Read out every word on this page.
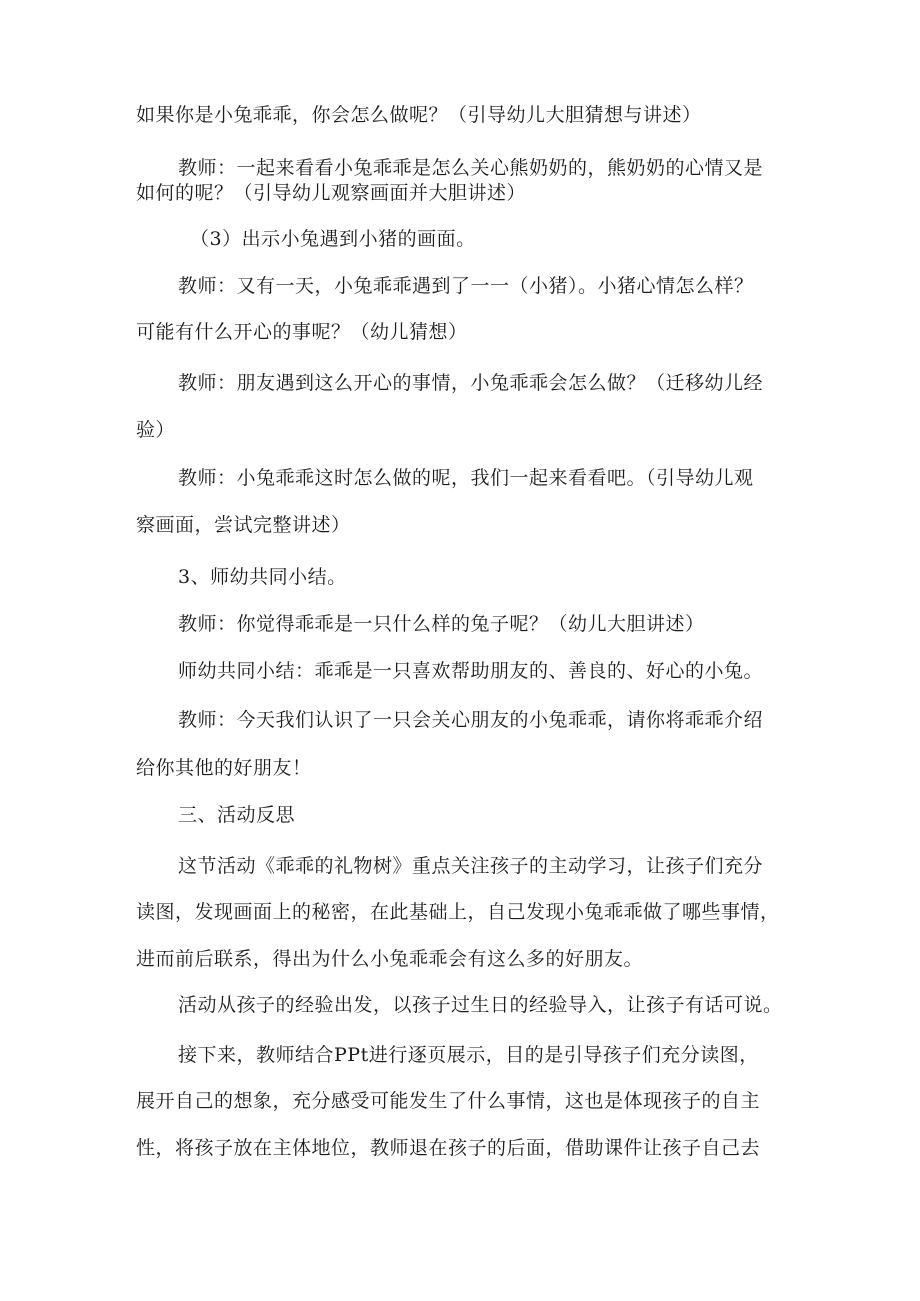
如果你是小兔乖乖，你会怎么做呢？（引导幼儿大胆猜想与讲述）
教师：一起来看看小兔乖乖是怎么关心熊奶奶的，熊奶奶的心情又是
如何的呢？（引导幼儿观察画面并大胆讲述）
（3）出示小兔遇到小猪的画面。
教师：又有一天，小兔乖乖遇到了一一（小猪）。小猪心情怎么样？
可能有什么开心的事呢？（幼儿猜想）
教师：朋友遇到这么开心的事情，小兔乖乖会怎么做？（迁移幼儿经
验）
教师：小兔乖乖这时怎么做的呢，我们一起来看看吧。（引导幼儿观
察画面，尝试完整讲述）
3、师幼共同小结。
教师：你觉得乖乖是一只什么样的兔子呢？（幼儿大胆讲述）
师幼共同小结：乖乖是一只喜欢帮助朋友的、善良的、好心的小兔。
教师：今天我们认识了一只会关心朋友的小兔乖乖，请你将乖乖介绍
给你其他的好朋友！
三、活动反思
这节活动《乖乖的礼物树》重点关注孩子的主动学习，让孩子们充分
读图，发现画面上的秘密，在此基础上，自己发现小兔乖乖做了哪些事情，
进而前后联系，得出为什么小兔乖乖会有这么多的好朋友。
活动从孩子的经验出发，以孩子过生日的经验导入，让孩子有话可说。
接下来，教师结合PPt进行逐页展示，目的是引导孩子们充分读图，
展开自己的想象，充分感受可能发生了什么事情，这也是体现孩子的自主
性，将孩子放在主体地位，教师退在孩子的后面，借助课件让孩子自己去
